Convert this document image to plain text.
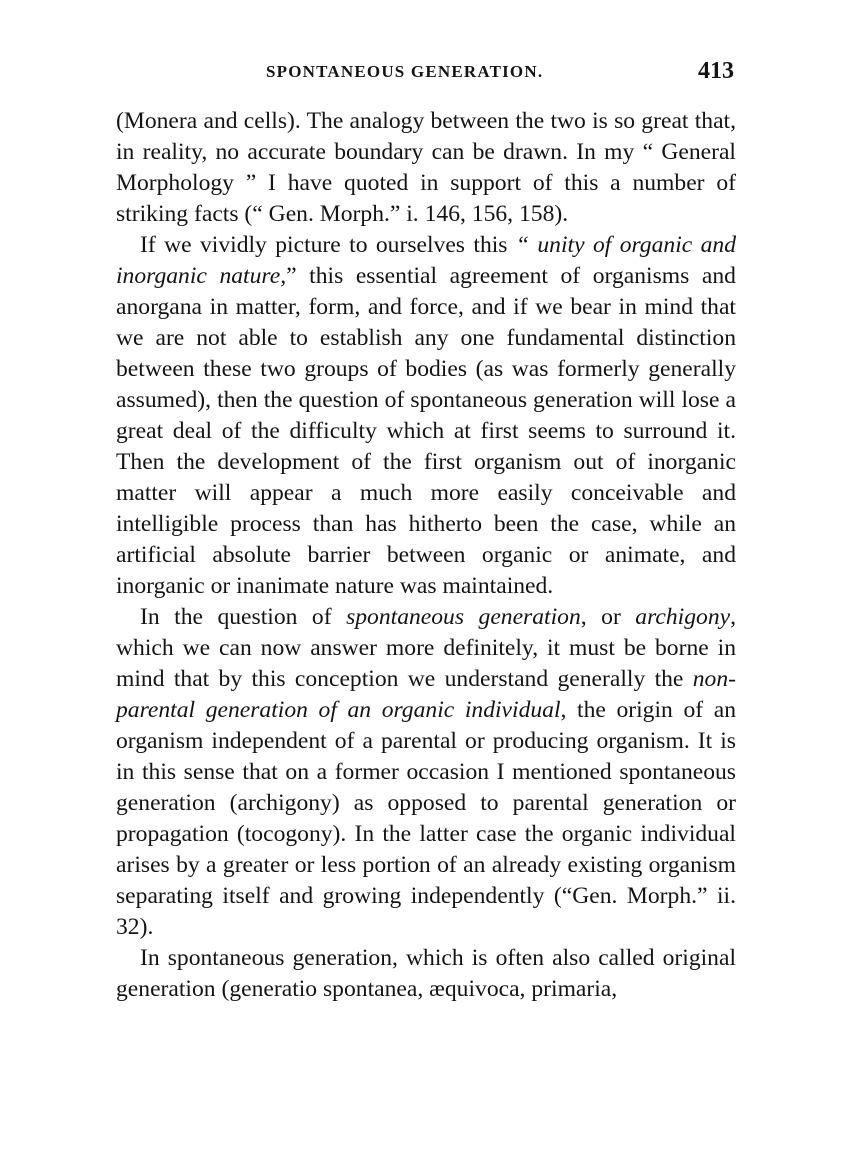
SPONTANEOUS GENERATION.	413

(Monera and cells). The analogy between the two is so great that, in reality, no accurate boundary can be drawn. In my “ General Morphology ” I have quoted in support of this a number of striking facts (“ Gen. Morph.” i. 146, 156, 158).

If we vividly picture to ourselves this “ unity of organic and inorganic nature,” this essential agreement of organisms and anorgana in matter, form, and force, and if we bear in mind that we are not able to establish any one fundamental distinction between these two groups of bodies (as was formerly generally assumed), then the question of spontaneous generation will lose a great deal of the difficulty which at first seems to surround it. Then the development of the first organism out of inorganic matter will appear a much more easily conceivable and intelligible process than has hitherto been the case, while an artificial absolute barrier between organic or animate, and inorganic or inanimate nature was maintained.

In the question of spontaneous generation, or archigony, which we can now answer more definitely, it must be borne in mind that by this conception we understand generally the non-parental generation of an organic individual, the origin of an organism independent of a parental or producing organism. It is in this sense that on a former occasion I mentioned spontaneous generation (archigony) as opposed to parental generation or propagation (tocogony). In the latter case the organic individual arises by a greater or less portion of an already existing organism separating itself and growing independently (“Gen. Morph.” ii. 32).

In spontaneous generation, which is often also called original generation (generatio spontanea, æquivoca, primaria,
